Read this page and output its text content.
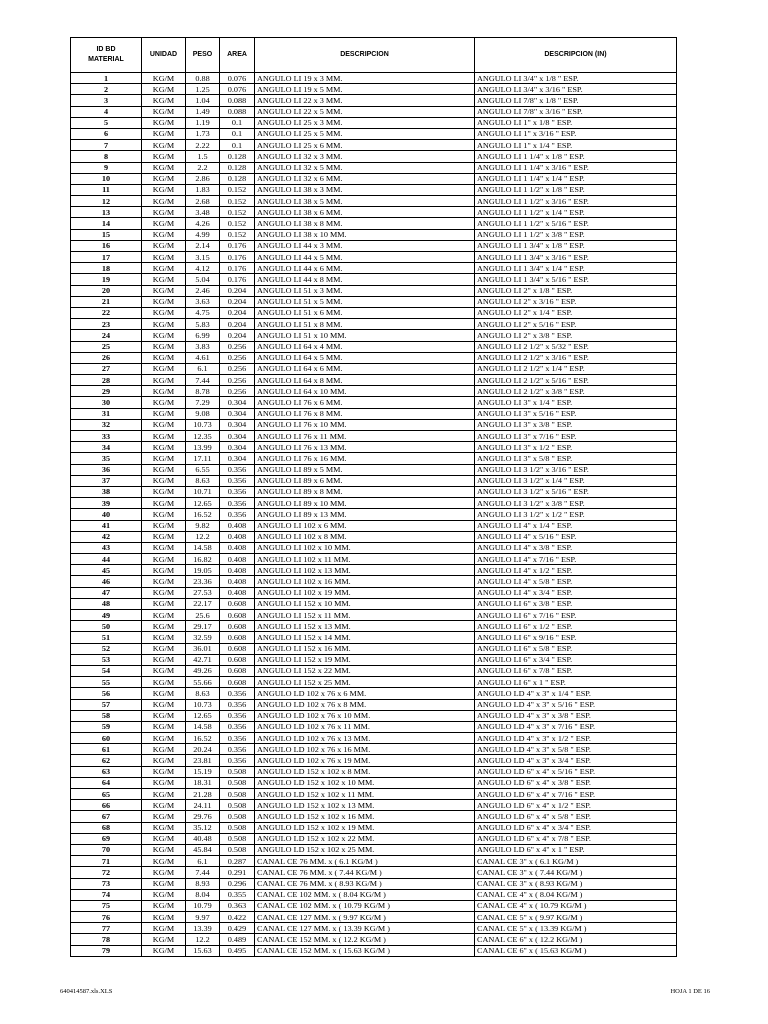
ID BD
MATERIAL	UNIDAD	PESO	AREA	DESCRIPCION	DESCRIPCION (IN)
1	KG/M	0.88	0.076	ANGULO LI 19 x 3 MM.	ANGULO LI 3/4" x 1/8 " ESP.
2	KG/M	1.25	0.076	ANGULO LI 19 x 5 MM.	ANGULO LI 3/4" x 3/16 " ESP.
3	KG/M	1.04	0.088	ANGULO LI 22 x 3 MM.	ANGULO LI 7/8" x 1/8 " ESP.
4	KG/M	1.49	0.088	ANGULO LI 22 x 5 MM.	ANGULO LI 7/8" x 3/16 " ESP.
5	KG/M	1.19	0.1	ANGULO LI 25 x 3 MM.	ANGULO LI 1" x 1/8 " ESP.
6	KG/M	1.73	0.1	ANGULO LI 25 x 5 MM.	ANGULO LI 1" x 3/16 " ESP.
7	KG/M	2.22	0.1	ANGULO LI 25 x 6 MM.	ANGULO LI 1" x 1/4 " ESP.
8	KG/M	1.5	0.128	ANGULO LI 32 x 3 MM.	ANGULO LI 1 1/4" x 1/8 " ESP.
9	KG/M	2.2	0.128	ANGULO LI 32 x 5 MM.	ANGULO LI 1 1/4" x 3/16 " ESP.
10	KG/M	2.86	0.128	ANGULO LI 32 x 6 MM.	ANGULO LI 1 1/4" x 1/4 " ESP.
11	KG/M	1.83	0.152	ANGULO LI 38 x 3 MM.	ANGULO LI 1 1/2" x 1/8 " ESP.
12	KG/M	2.68	0.152	ANGULO LI 38 x 5 MM.	ANGULO LI 1 1/2" x 3/16 " ESP.
13	KG/M	3.48	0.152	ANGULO LI 38 x 6 MM.	ANGULO LI 1 1/2" x 1/4 " ESP.
14	KG/M	4.26	0.152	ANGULO LI 38 x 8 MM.	ANGULO LI 1 1/2" x 5/16 " ESP.
15	KG/M	4.99	0.152	ANGULO LI 38 x 10 MM.	ANGULO LI 1 1/2" x 3/8 " ESP.
16	KG/M	2.14	0.176	ANGULO LI 44 x 3 MM.	ANGULO LI 1 3/4" x 1/8 " ESP.
17	KG/M	3.15	0.176	ANGULO LI 44 x 5 MM.	ANGULO LI 1 3/4" x 3/16 " ESP.
18	KG/M	4.12	0.176	ANGULO LI 44 x 6 MM.	ANGULO LI 1 3/4" x 1/4 " ESP.
19	KG/M	5.04	0.176	ANGULO LI 44 x 8 MM.	ANGULO LI 1 3/4" x 5/16 " ESP.
20	KG/M	2.46	0.204	ANGULO LI 51 x 3 MM.	ANGULO LI 2" x 1/8 " ESP.
21	KG/M	3.63	0.204	ANGULO LI 51 x 5 MM.	ANGULO LI 2" x 3/16 " ESP.
22	KG/M	4.75	0.204	ANGULO LI 51 x 6 MM.	ANGULO LI 2" x 1/4 " ESP.
23	KG/M	5.83	0.204	ANGULO LI 51 x 8 MM.	ANGULO LI 2" x 5/16 " ESP.
24	KG/M	6.99	0.204	ANGULO LI 51 x 10 MM.	ANGULO LI 2" x 3/8 " ESP.
25	KG/M	3.83	0.256	ANGULO LI 64 x 4 MM.	ANGULO LI 2 1/2" x 5/32 " ESP.
26	KG/M	4.61	0.256	ANGULO LI 64 x 5 MM.	ANGULO LI 2 1/2" x 3/16 " ESP.
27	KG/M	6.1	0.256	ANGULO LI 64 x 6 MM.	ANGULO LI 2 1/2" x 1/4 " ESP.
28	KG/M	7.44	0.256	ANGULO LI 64 x 8 MM.	ANGULO LI 2 1/2" x 5/16 " ESP.
29	KG/M	8.78	0.256	ANGULO LI 64 x 10 MM.	ANGULO LI 2 1/2" x 3/8 " ESP.
30	KG/M	7.29	0.304	ANGULO LI 76 x 6 MM.	ANGULO LI 3" x 1/4 " ESP.
31	KG/M	9.08	0.304	ANGULO LI 76 x 8 MM.	ANGULO LI 3" x 5/16 " ESP.
32	KG/M	10.73	0.304	ANGULO LI 76 x 10 MM.	ANGULO LI 3" x 3/8 " ESP.
33	KG/M	12.35	0.304	ANGULO LI 76 x 11 MM.	ANGULO LI 3" x 7/16 " ESP.
34	KG/M	13.99	0.304	ANGULO LI 76 x 13 MM.	ANGULO LI 3" x 1/2 " ESP.
35	KG/M	17.11	0.304	ANGULO LI 76 x 16 MM.	ANGULO LI 3" x 5/8 " ESP.
36	KG/M	6.55	0.356	ANGULO LI 89 x 5 MM.	ANGULO LI 3 1/2" x 3/16 " ESP.
37	KG/M	8.63	0.356	ANGULO LI 89 x 6 MM.	ANGULO LI 3 1/2" x 1/4 " ESP.
38	KG/M	10.71	0.356	ANGULO LI 89 x 8 MM.	ANGULO LI 3 1/2" x 5/16 " ESP.
39	KG/M	12.65	0.356	ANGULO LI 89 x 10 MM.	ANGULO LI 3 1/2" x 3/8 " ESP.
40	KG/M	16.52	0.356	ANGULO LI 89 x 13 MM.	ANGULO LI 3 1/2" x 1/2 " ESP.
41	KG/M	9.82	0.408	ANGULO LI 102 x 6 MM.	ANGULO LI 4" x 1/4 " ESP.
42	KG/M	12.2	0.408	ANGULO LI 102 x 8 MM.	ANGULO LI 4" x 5/16 " ESP.
43	KG/M	14.58	0.408	ANGULO LI 102 x 10 MM.	ANGULO LI 4" x 3/8 " ESP.
44	KG/M	16.82	0.408	ANGULO LI 102 x 11 MM.	ANGULO LI 4" x 7/16 " ESP.
45	KG/M	19.05	0.408	ANGULO LI 102 x 13 MM.	ANGULO LI 4" x 1/2 " ESP.
46	KG/M	23.36	0.408	ANGULO LI 102 x 16 MM.	ANGULO LI 4" x 5/8 " ESP.
47	KG/M	27.53	0.408	ANGULO LI 102 x 19 MM.	ANGULO LI 4" x 3/4 " ESP.
48	KG/M	22.17	0.608	ANGULO LI 152 x 10 MM.	ANGULO LI 6" x 3/8 " ESP.
49	KG/M	25.6	0.608	ANGULO LI 152 x 11 MM.	ANGULO LI 6" x 7/16 " ESP.
50	KG/M	29.17	0.608	ANGULO LI 152 x 13 MM.	ANGULO LI 6" x 1/2 " ESP.
51	KG/M	32.59	0.608	ANGULO LI 152 x 14 MM.	ANGULO LI 6" x 9/16 " ESP.
52	KG/M	36.01	0.608	ANGULO LI 152 x 16 MM.	ANGULO LI 6" x 5/8 " ESP.
53	KG/M	42.71	0.608	ANGULO LI 152 x 19 MM.	ANGULO LI 6" x 3/4 " ESP.
54	KG/M	49.26	0.608	ANGULO LI 152 x 22 MM.	ANGULO LI 6" x 7/8 " ESP.
55	KG/M	55.66	0.608	ANGULO LI 152 x 25 MM.	ANGULO LI 6" x 1 " ESP.
56	KG/M	8.63	0.356	ANGULO LD 102 x 76 x 6 MM.	ANGULO LD 4" x 3" x 1/4 " ESP.
57	KG/M	10.73	0.356	ANGULO LD 102 x 76 x 8 MM.	ANGULO LD 4" x 3" x 5/16 " ESP.
58	KG/M	12.65	0.356	ANGULO LD 102 x 76 x 10 MM.	ANGULO LD 4" x 3" x 3/8 " ESP.
59	KG/M	14.58	0.356	ANGULO LD 102 x 76 x 11 MM.	ANGULO LD 4" x 3" x 7/16 " ESP.
60	KG/M	16.52	0.356	ANGULO LD 102 x 76 x 13 MM.	ANGULO LD 4" x 3" x 1/2 " ESP.
61	KG/M	20.24	0.356	ANGULO LD 102 x 76 x 16 MM.	ANGULO LD 4" x 3" x 5/8 " ESP.
62	KG/M	23.81	0.356	ANGULO LD 102 x 76 x 19 MM.	ANGULO LD 4" x 3" x 3/4 " ESP.
63	KG/M	15.19	0.508	ANGULO LD 152 x 102 x 8 MM.	ANGULO LD 6" x 4" x 5/16 " ESP.
64	KG/M	18.31	0.508	ANGULO LD 152 x 102 x 10 MM.	ANGULO LD 6" x 4" x 3/8 " ESP.
65	KG/M	21.28	0.508	ANGULO LD 152 x 102 x 11 MM.	ANGULO LD 6" x 4" x 7/16 " ESP.
66	KG/M	24.11	0.508	ANGULO LD 152 x 102 x 13 MM.	ANGULO LD 6" x 4" x 1/2 " ESP.
67	KG/M	29.76	0.508	ANGULO LD 152 x 102 x 16 MM.	ANGULO LD 6" x 4" x 5/8 " ESP.
68	KG/M	35.12	0.508	ANGULO LD 152 x 102 x 19 MM.	ANGULO LD 6" x 4" x 3/4 " ESP.
69	KG/M	40.48	0.508	ANGULO LD 152 x 102 x 22 MM.	ANGULO LD 6" x 4" x 7/8 " ESP.
70	KG/M	45.84	0.508	ANGULO LD 152 x 102 x 25 MM.	ANGULO LD 6" x 4" x 1 " ESP.
71	KG/M	6.1	0.287	CANAL CE 76 MM. x ( 6.1 KG/M )	CANAL CE 3" x ( 6.1 KG/M )
72	KG/M	7.44	0.291	CANAL CE 76 MM. x ( 7.44 KG/M )	CANAL CE 3" x ( 7.44 KG/M )
73	KG/M	8.93	0.296	CANAL CE 76 MM. x ( 8.93 KG/M )	CANAL CE 3" x ( 8.93 KG/M )
74	KG/M	8.04	0.355	CANAL CE 102 MM. x ( 8.04 KG/M )	CANAL CE 4" x ( 8.04 KG/M )
75	KG/M	10.79	0.363	CANAL CE 102 MM. x ( 10.79 KG/M )	CANAL CE 4" x ( 10.79 KG/M )
76	KG/M	9.97	0.422	CANAL CE 127 MM. x ( 9.97 KG/M )	CANAL CE 5" x ( 9.97 KG/M )
77	KG/M	13.39	0.429	CANAL CE 127 MM. x ( 13.39 KG/M )	CANAL CE 5" x ( 13.39 KG/M )
78	KG/M	12.2	0.489	CANAL CE 152 MM. x ( 12.2 KG/M )	CANAL CE 6" x ( 12.2 KG/M )
79	KG/M	15.63	0.495	CANAL CE 152 MM. x ( 15.63 KG/M )	CANAL CE 6" x ( 15.63 KG/M )
640414587.xls.XLS	HOJA 1 DE 16
